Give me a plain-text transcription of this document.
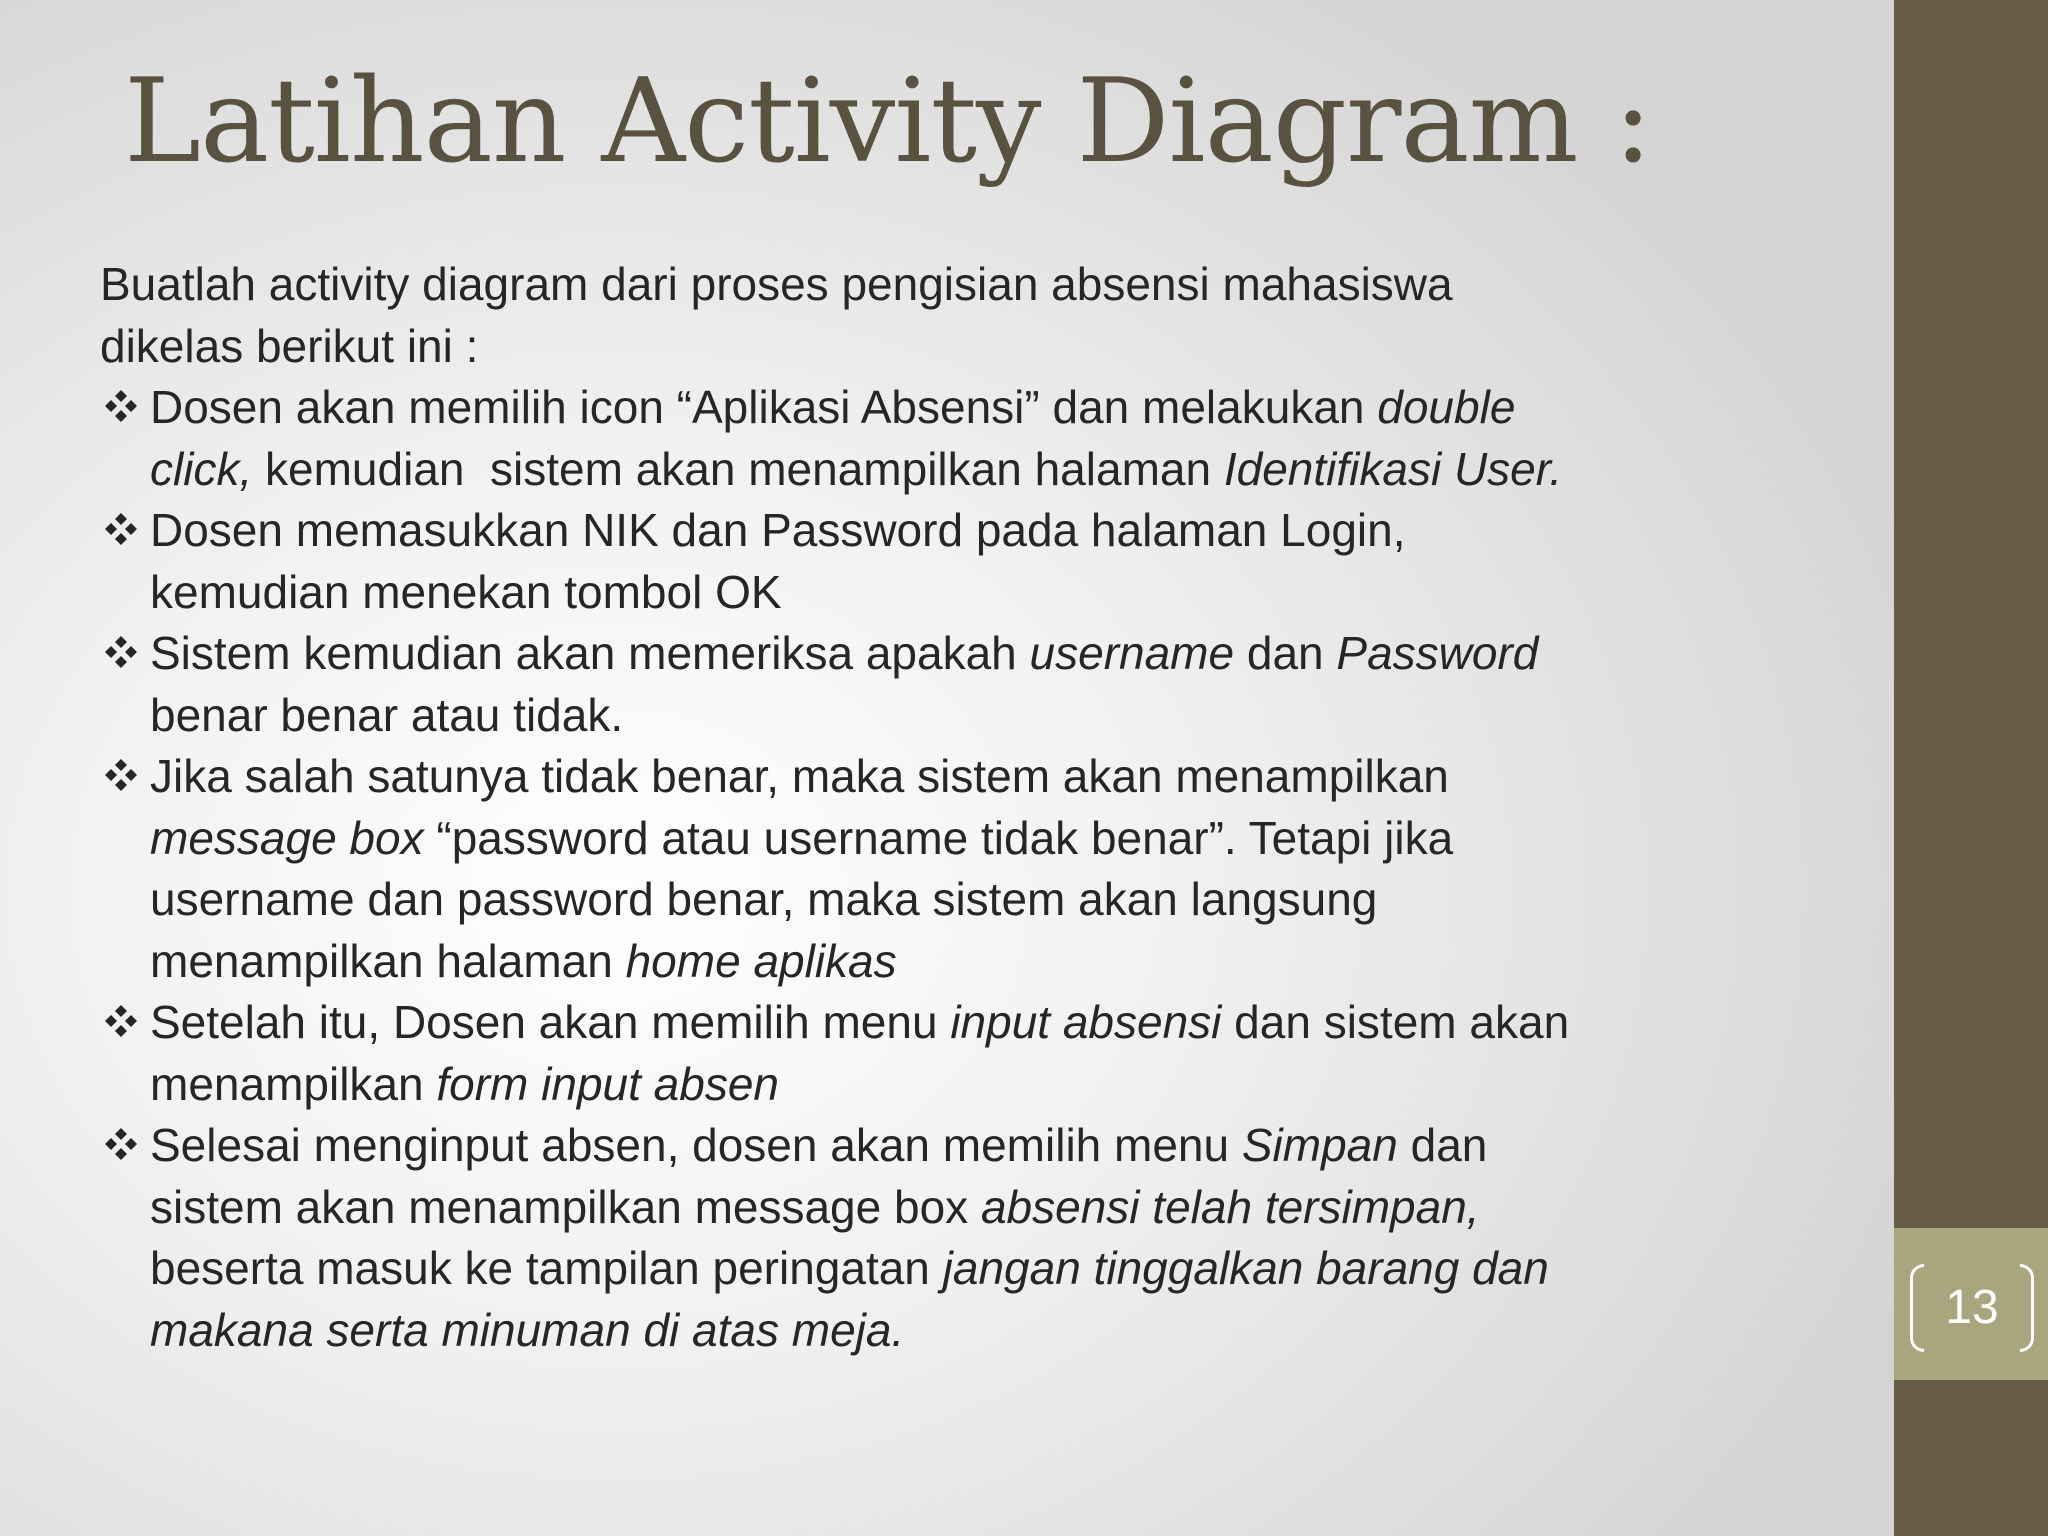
13
Latihan Activity Diagram :
Buatlah activity diagram dari proses pengisian absensi mahasiswa
dikelas berikut ini :
Dosen akan memilih icon “Aplikasi Absensi” dan melakukan double
click, kemudian  sistem akan menampilkan halaman Identifikasi User.
Dosen memasukkan NIK dan Password pada halaman Login,
kemudian menekan tombol OK
Sistem kemudian akan memeriksa apakah username dan Password
benar benar atau tidak.
Jika salah satunya tidak benar, maka sistem akan menampilkan
message box “password atau username tidak benar”. Tetapi jika
username dan password benar, maka sistem akan langsung
menampilkan halaman home aplikas
Setelah itu, Dosen akan memilih menu input absensi dan sistem akan
menampilkan form input absen
Selesai menginput absen, dosen akan memilih menu Simpan dan
sistem akan menampilkan message box absensi telah tersimpan,
beserta masuk ke tampilan peringatan jangan tinggalkan barang dan
makana serta minuman di atas meja.
